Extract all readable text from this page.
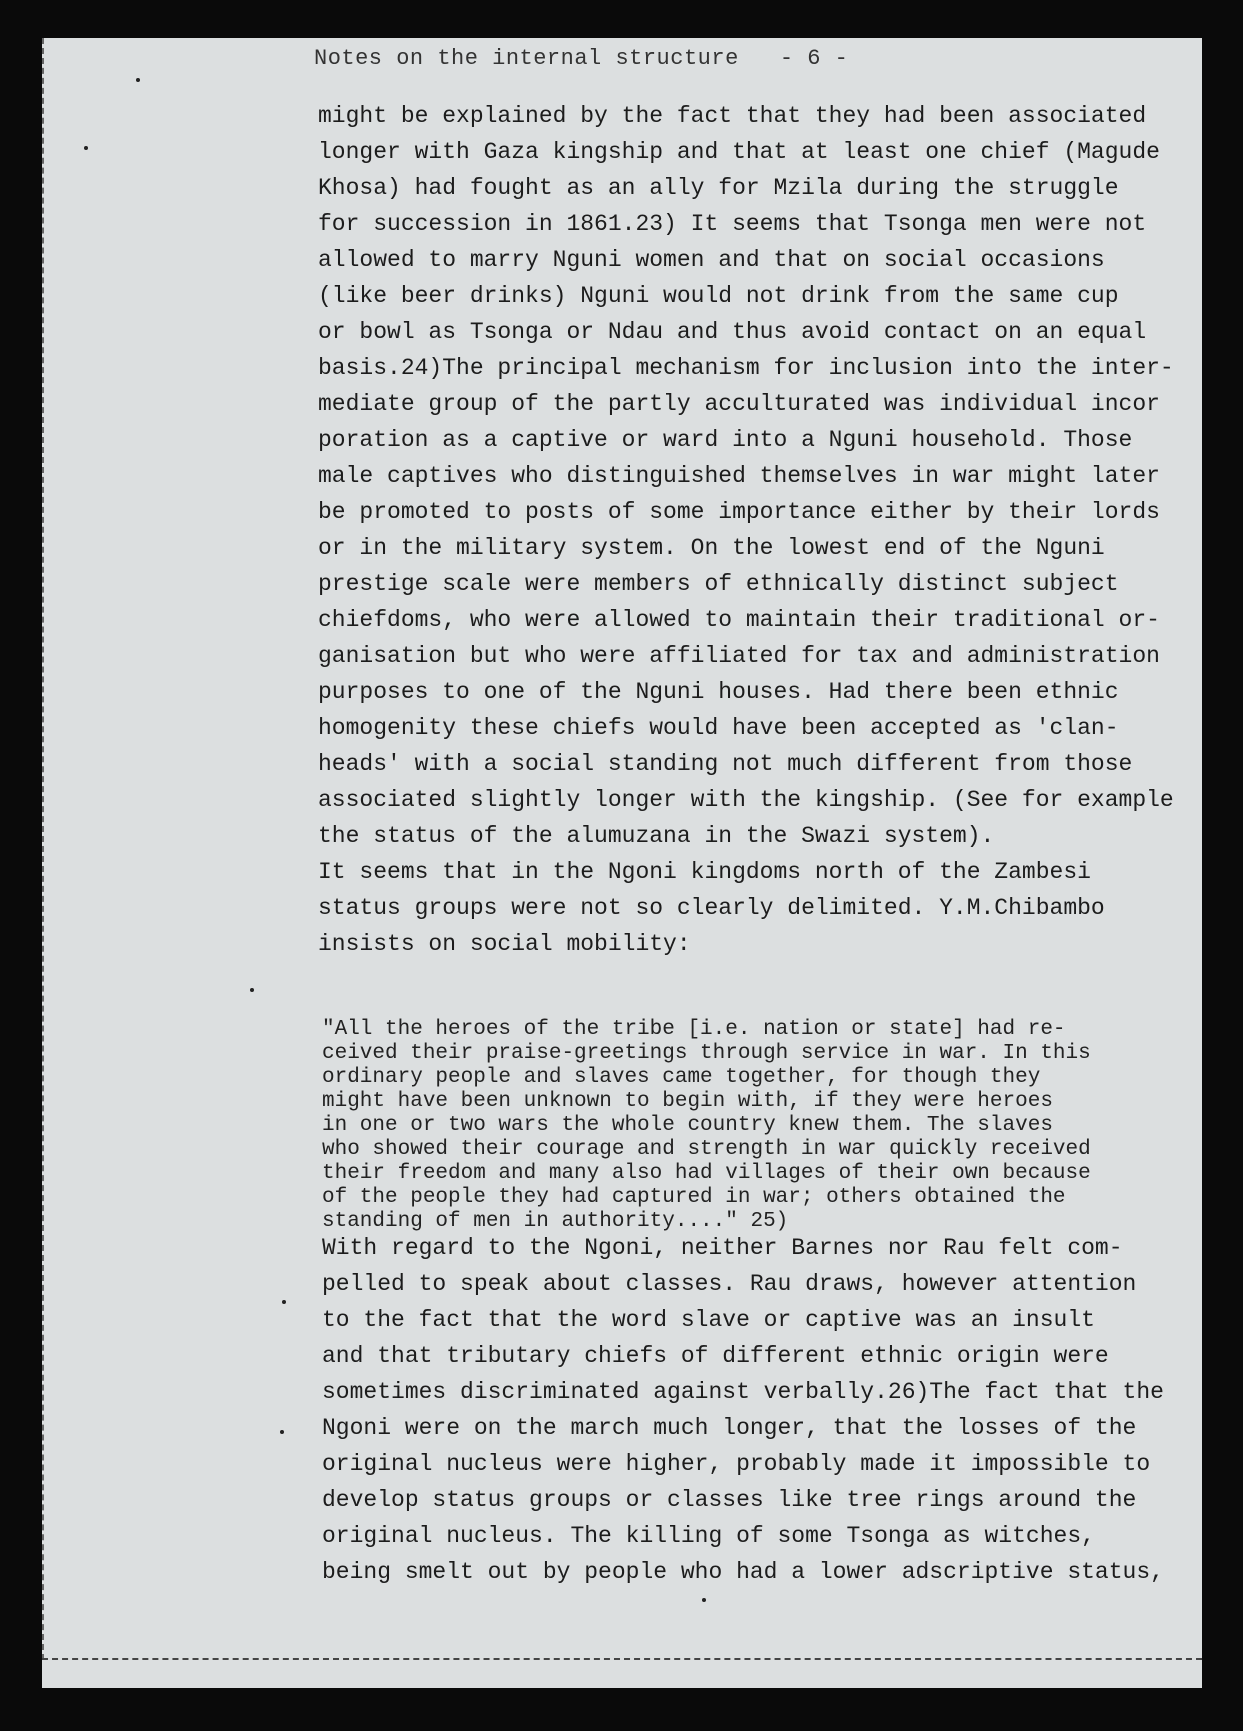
Notes on the internal structure   - 6 -
might be explained by the fact that they had been associated
longer with Gaza kingship and that at least one chief (Magude
Khosa) had fought as an ally for Mzila during the struggle
for succession in 1861.23) It seems that Tsonga men were not
allowed to marry Nguni women and that on social occasions
(like beer drinks) Nguni would not drink from the same cup
or bowl as Tsonga or Ndau and thus avoid contact on an equal
basis.24)The principal mechanism for inclusion into the inter-
mediate group of the partly acculturated was individual incor
poration as a captive or ward into a Nguni household. Those
male captives who distinguished themselves in war might later
be promoted to posts of some importance either by their lords
or in the military system. On the lowest end of the Nguni
prestige scale were members of ethnically distinct subject
chiefdoms, who were allowed to maintain their traditional or-
ganisation but who were affiliated for tax and administration
purposes to one of the Nguni houses. Had there been ethnic
homogenity these chiefs would have been accepted as 'clan-
heads' with a social standing not much different from those
associated slightly longer with the kingship. (See for example
the status of the alumuzana in the Swazi system).
It seems that in the Ngoni kingdoms north of the Zambesi
status groups were not so clearly delimited. Y.M.Chibambo
insists on social mobility:
"All the heroes of the tribe [i.e. nation or state] had re-
ceived their praise-greetings through service in war. In this
ordinary people and slaves came together, for though they
might have been unknown to begin with, if they were heroes
in one or two wars the whole country knew them. The slaves
who showed their courage and strength in war quickly received
their freedom and many also had villages of their own because
of the people they had captured in war; others obtained the
standing of men in authority...." 25)
With regard to the Ngoni, neither Barnes nor Rau felt com-
pelled to speak about classes. Rau draws, however attention
to the fact that the word slave or captive was an insult
and that tributary chiefs of different ethnic origin were
sometimes discriminated against verbally.26)The fact that the
Ngoni were on the march much longer, that the losses of the
original nucleus were higher, probably made it impossible to
develop status groups or classes like tree rings around the
original nucleus. The killing of some Tsonga as witches,
being smelt out by people who had a lower adscriptive status,
